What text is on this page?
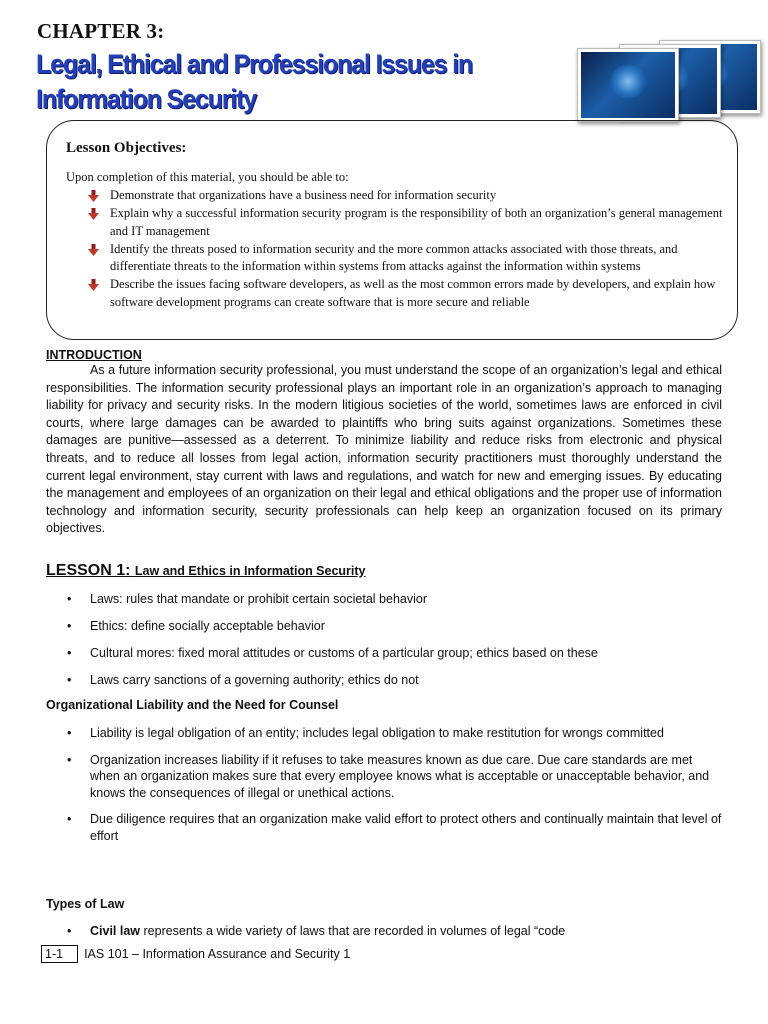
CHAPTER 3:
Legal, Ethical and Professional Issues in Information Security
Lesson Objectives:
Upon completion of this material, you should be able to:
Demonstrate that organizations have a business need for information security
Explain why a successful information security program is the responsibility of both an organization’s general management and IT management
Identify the threats posed to information security and the more common attacks associated with those threats, and differentiate threats to the information within systems from attacks against the information within systems
Describe the issues facing software developers, as well as the most common errors made by developers, and explain how software development programs can create software that is more secure and reliable
INTRODUCTION

As a future information security professional, you must understand the scope of an organization’s legal and ethical responsibilities. The information security professional plays an important role in an organization’s approach to managing liability for privacy and security risks. In the modern litigious societies of the world, sometimes laws are enforced in civil courts, where large damages can be awarded to plaintiffs who bring suits against organizations. Sometimes these damages are punitive—assessed as a deterrent. To minimize liability and reduce risks from electronic and physical threats, and to reduce all losses from legal action, information security practitioners must thoroughly understand the current legal environment, stay current with laws and regulations, and watch for new and emerging issues. By educating the management and employees of an organization on their legal and ethical obligations and the proper use of information technology and information security, security professionals can help keep an organization focused on its primary objectives.

LESSON 1: Law and Ethics in Information Security
• Laws: rules that mandate or prohibit certain societal behavior
• Ethics: define socially acceptable behavior
• Cultural mores: fixed moral attitudes or customs of a particular group; ethics based on these
• Laws carry sanctions of a governing authority; ethics do not
Organizational Liability and the Need for Counsel
• Liability is legal obligation of an entity; includes legal obligation to make restitution for wrongs committed
• Organization increases liability if it refuses to take measures known as due care. Due care standards are met when an organization makes sure that every employee knows what is acceptable or unacceptable behavior, and knows the consequences of illegal or unethical actions.
• Due diligence requires that an organization make valid effort to protect others and continually maintain that level of effort
Types of Law
• Civil law represents a wide variety of laws that are recorded in volumes of legal “code
1-1	IAS 101 – Information Assurance and Security 1
